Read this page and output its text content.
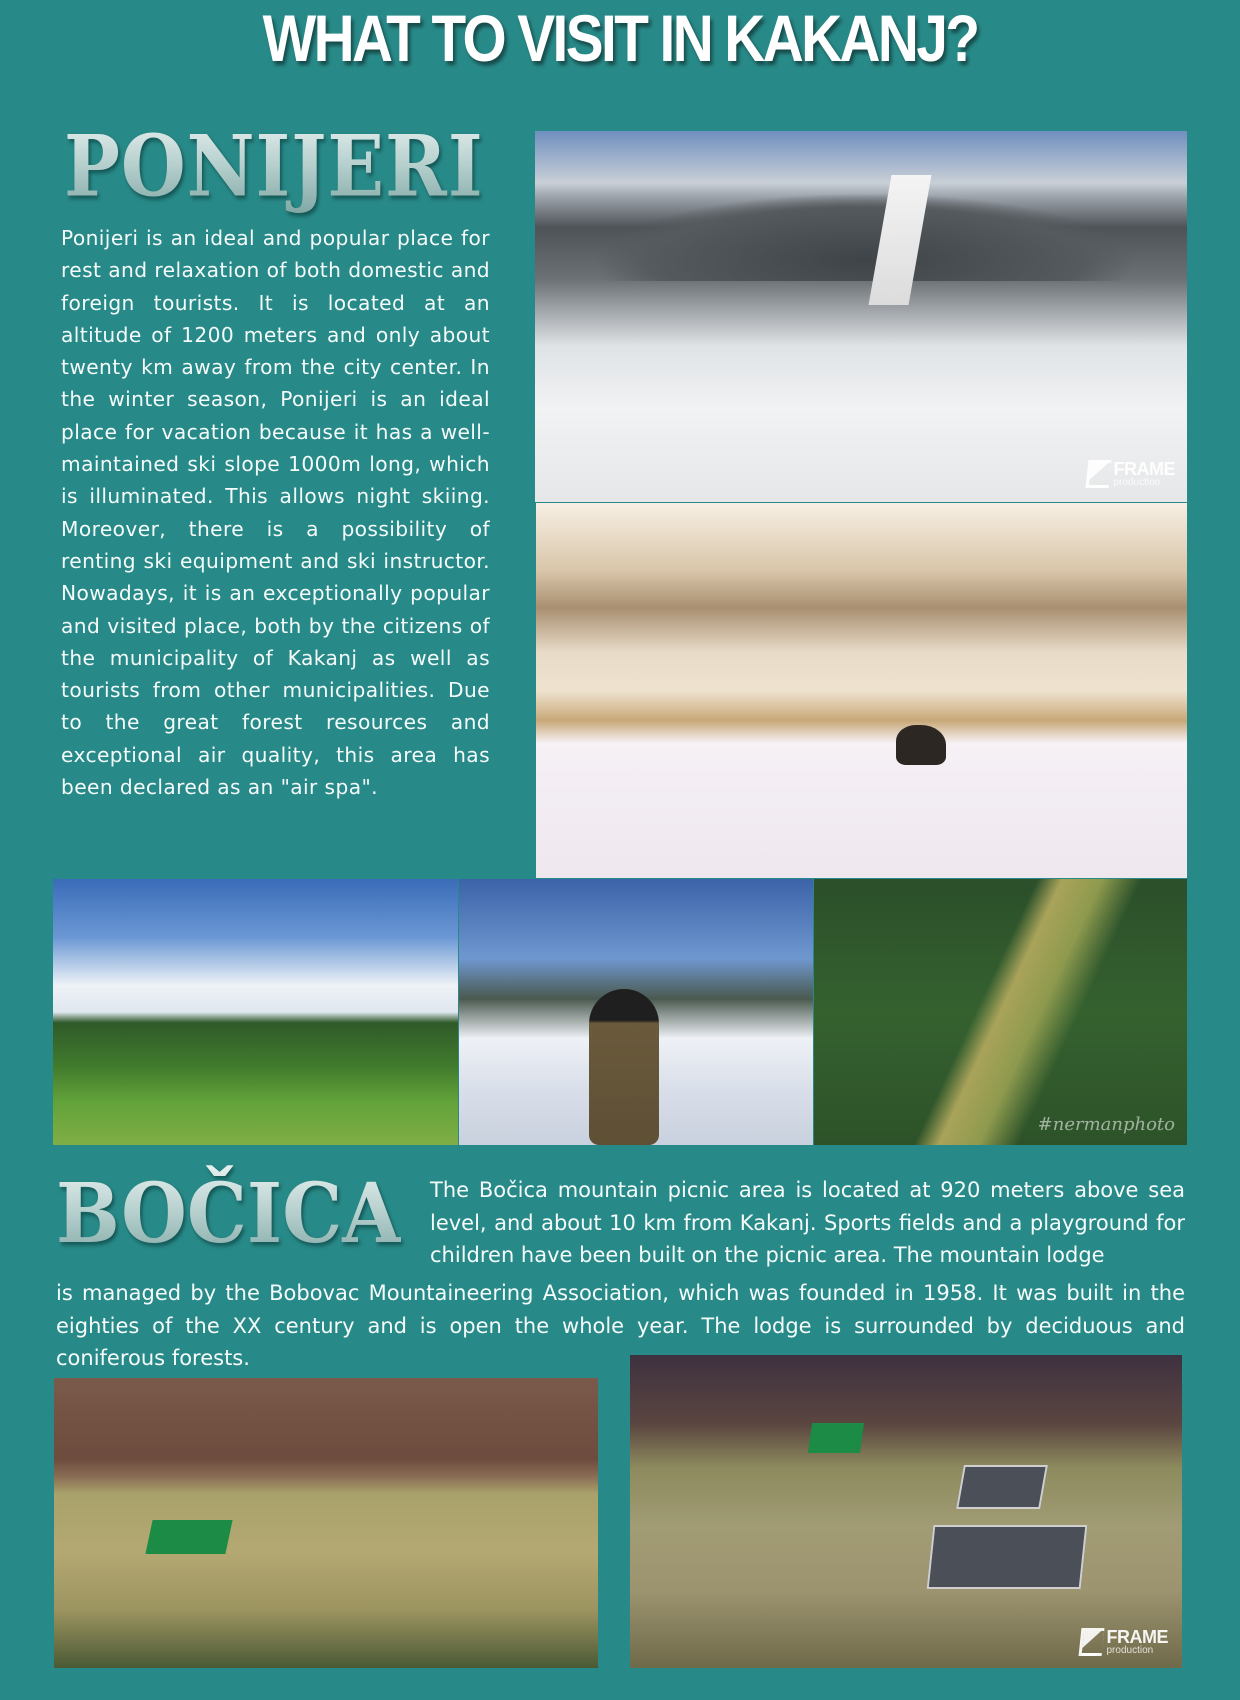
WHAT TO VISIT IN KAKANJ?
PONIJERI

Ponijeri is an ideal and popular place for rest and relaxation of both domestic and foreign tourists. It is located at an altitude of 1200 meters and only about twenty km away from the city center. In the winter season, Ponijeri is an ideal place for vacation because it has a well-maintained ski slope 1000m long, which is illuminated. This allows night skiing. Moreover, there is a possibility of renting ski equipment and ski instructor. Nowadays, it is an exceptionally popular and visited place, both by the citizens of the municipality of Kakanj as well as tourists from other municipalities. Due to the great forest resources and exceptional air quality, this area has been declared as an "air spa".

FRAME
production
#nermanphoto
BOČICA The Bočica mountain picnic area is located at 920 meters above sea level, and about 10 km from Kakanj. Sports fields and a playground for children have been built on the picnic area. The mountain lodge

is managed by the Bobovac Mountaineering Association, which was founded in 1958. It was built in the eighties of the XX century and is open the whole year. The lodge is surrounded by deciduous and coniferous forests.

FRAME
production
